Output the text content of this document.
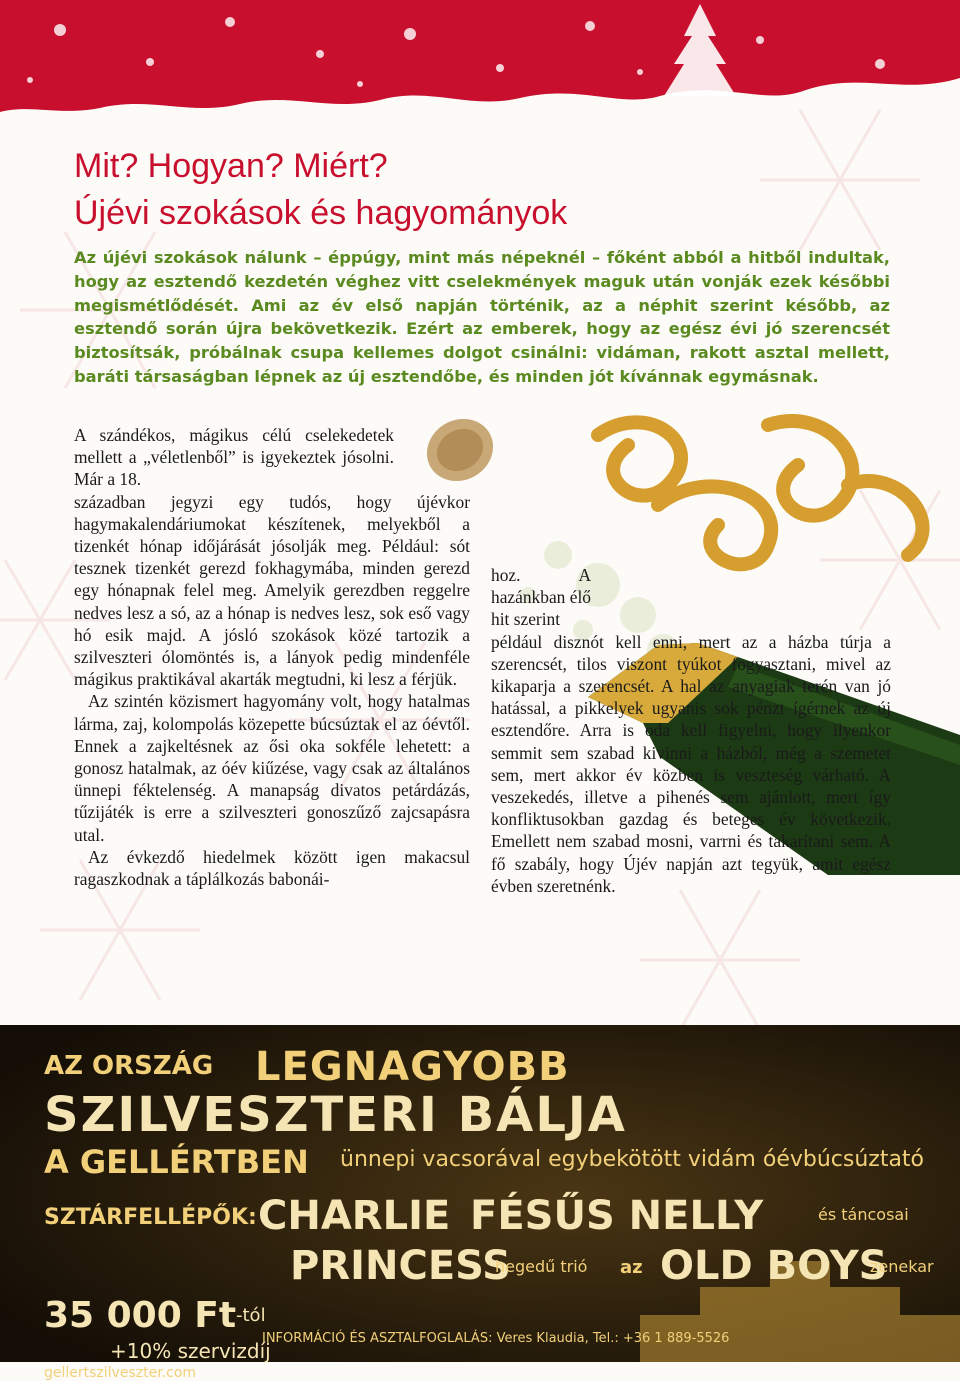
Mit? Hogyan? Miért?
Újévi szokások és hagyományok

Az újévi szokások nálunk – éppúgy, mint más népeknél – főként abból a hitből indultak, hogy az esztendő kezdetén véghez vitt cselekmények maguk után vonják ezek későbbi megismétlődését. Ami az év első napján történik, az a néphit szerint később, az esztendő során újra bekövetkezik. Ezért az emberek, hogy az egész évi jó szerencsét biztosítsák, próbálnak csupa kellemes dolgot csinálni: vidáman, rakott asztal mellett, baráti társaságban lépnek az új esztendőbe, és minden jót kívánnak egymásnak.

A szándékos, mágikus célú cselekedetek mellett a „véletlenből” is igyekeztek jósolni. Már a 18.
században jegyzi egy tudós, hogy újévkor hagymakalendáriumokat készítenek, melyekből a tizenkét hónap időjárását jósolják meg. Például: sót tesznek tizenkét gerezd fokhagymába, minden gerezd egy hónapnak felel meg. Amelyik gerezdben reggelre nedves lesz a só, az a hónap is nedves lesz, sok eső vagy hó esik majd. A jósló szokások közé tartozik a szilveszteri ólomöntés is, a lányok pedig mindenféle mágikus praktikával akarták megtudni, ki lesz a férjük.

Az szintén közismert hagyomány volt, hogy hatalmas lárma, zaj, kolompolás közepette búcsúztak el az óévtől. Ennek a zajkeltésnek az ősi oka sokféle lehetett: a gonosz hatalmak, az óév kiűzése, vagy csak az általános ünnepi féktelenség. A manapság divatos petárdázás, tűzijáték is erre a szilveszteri gonoszűző zajcsapásra utal.

Az évkezdő hiedelmek között igen makacsul ragaszkodnak a táplálkozás babonái-

hoz. A hazánkban élő hit szerint
például disznót kell enni, mert az a házba túrja a szerencsét, tilos viszont tyúkot fogyasztani, mivel az kikaparja a szerencsét. A hal az anyagiak terén van jó hatással, a pikkelyek ugyanis sok pénzt ígérnek az új esztendőre. Arra is oda kell figyelni, hogy ilyenkor semmit sem szabad kivinni a házból, még a szemetet sem, mert akkor év közben is veszteség várható. A veszekedés, illetve a pihenés sem ajánlott, mert így konfliktusokban gazdag és beteges év következik. Emellett nem szabad mosni, varrni és takarítani sem. A fő szabály, hogy Újév napján azt tegyük, amit egész évben szeretnénk.

AZ ORSZÁG LEGNAGYOBB
SZILVESZTERI BÁLJA
A GELLÉRTBEN ünnepi vacsorával egybekötött vidám óévbúcsúztató
SZTÁRFELLÉPŐK: CHARLIE FÉSŰS NELLY	és táncosai
PRINCESS
hegedű trió az OLD BOYS
zenekar
35 000 Ft -tól
+10% szervizdíj
INFORMÁCIÓ ÉS ASZTALFOGLALÁS: Veres Klaudia, Tel.: +36 1 889-5526
gellertszilveszter.com
